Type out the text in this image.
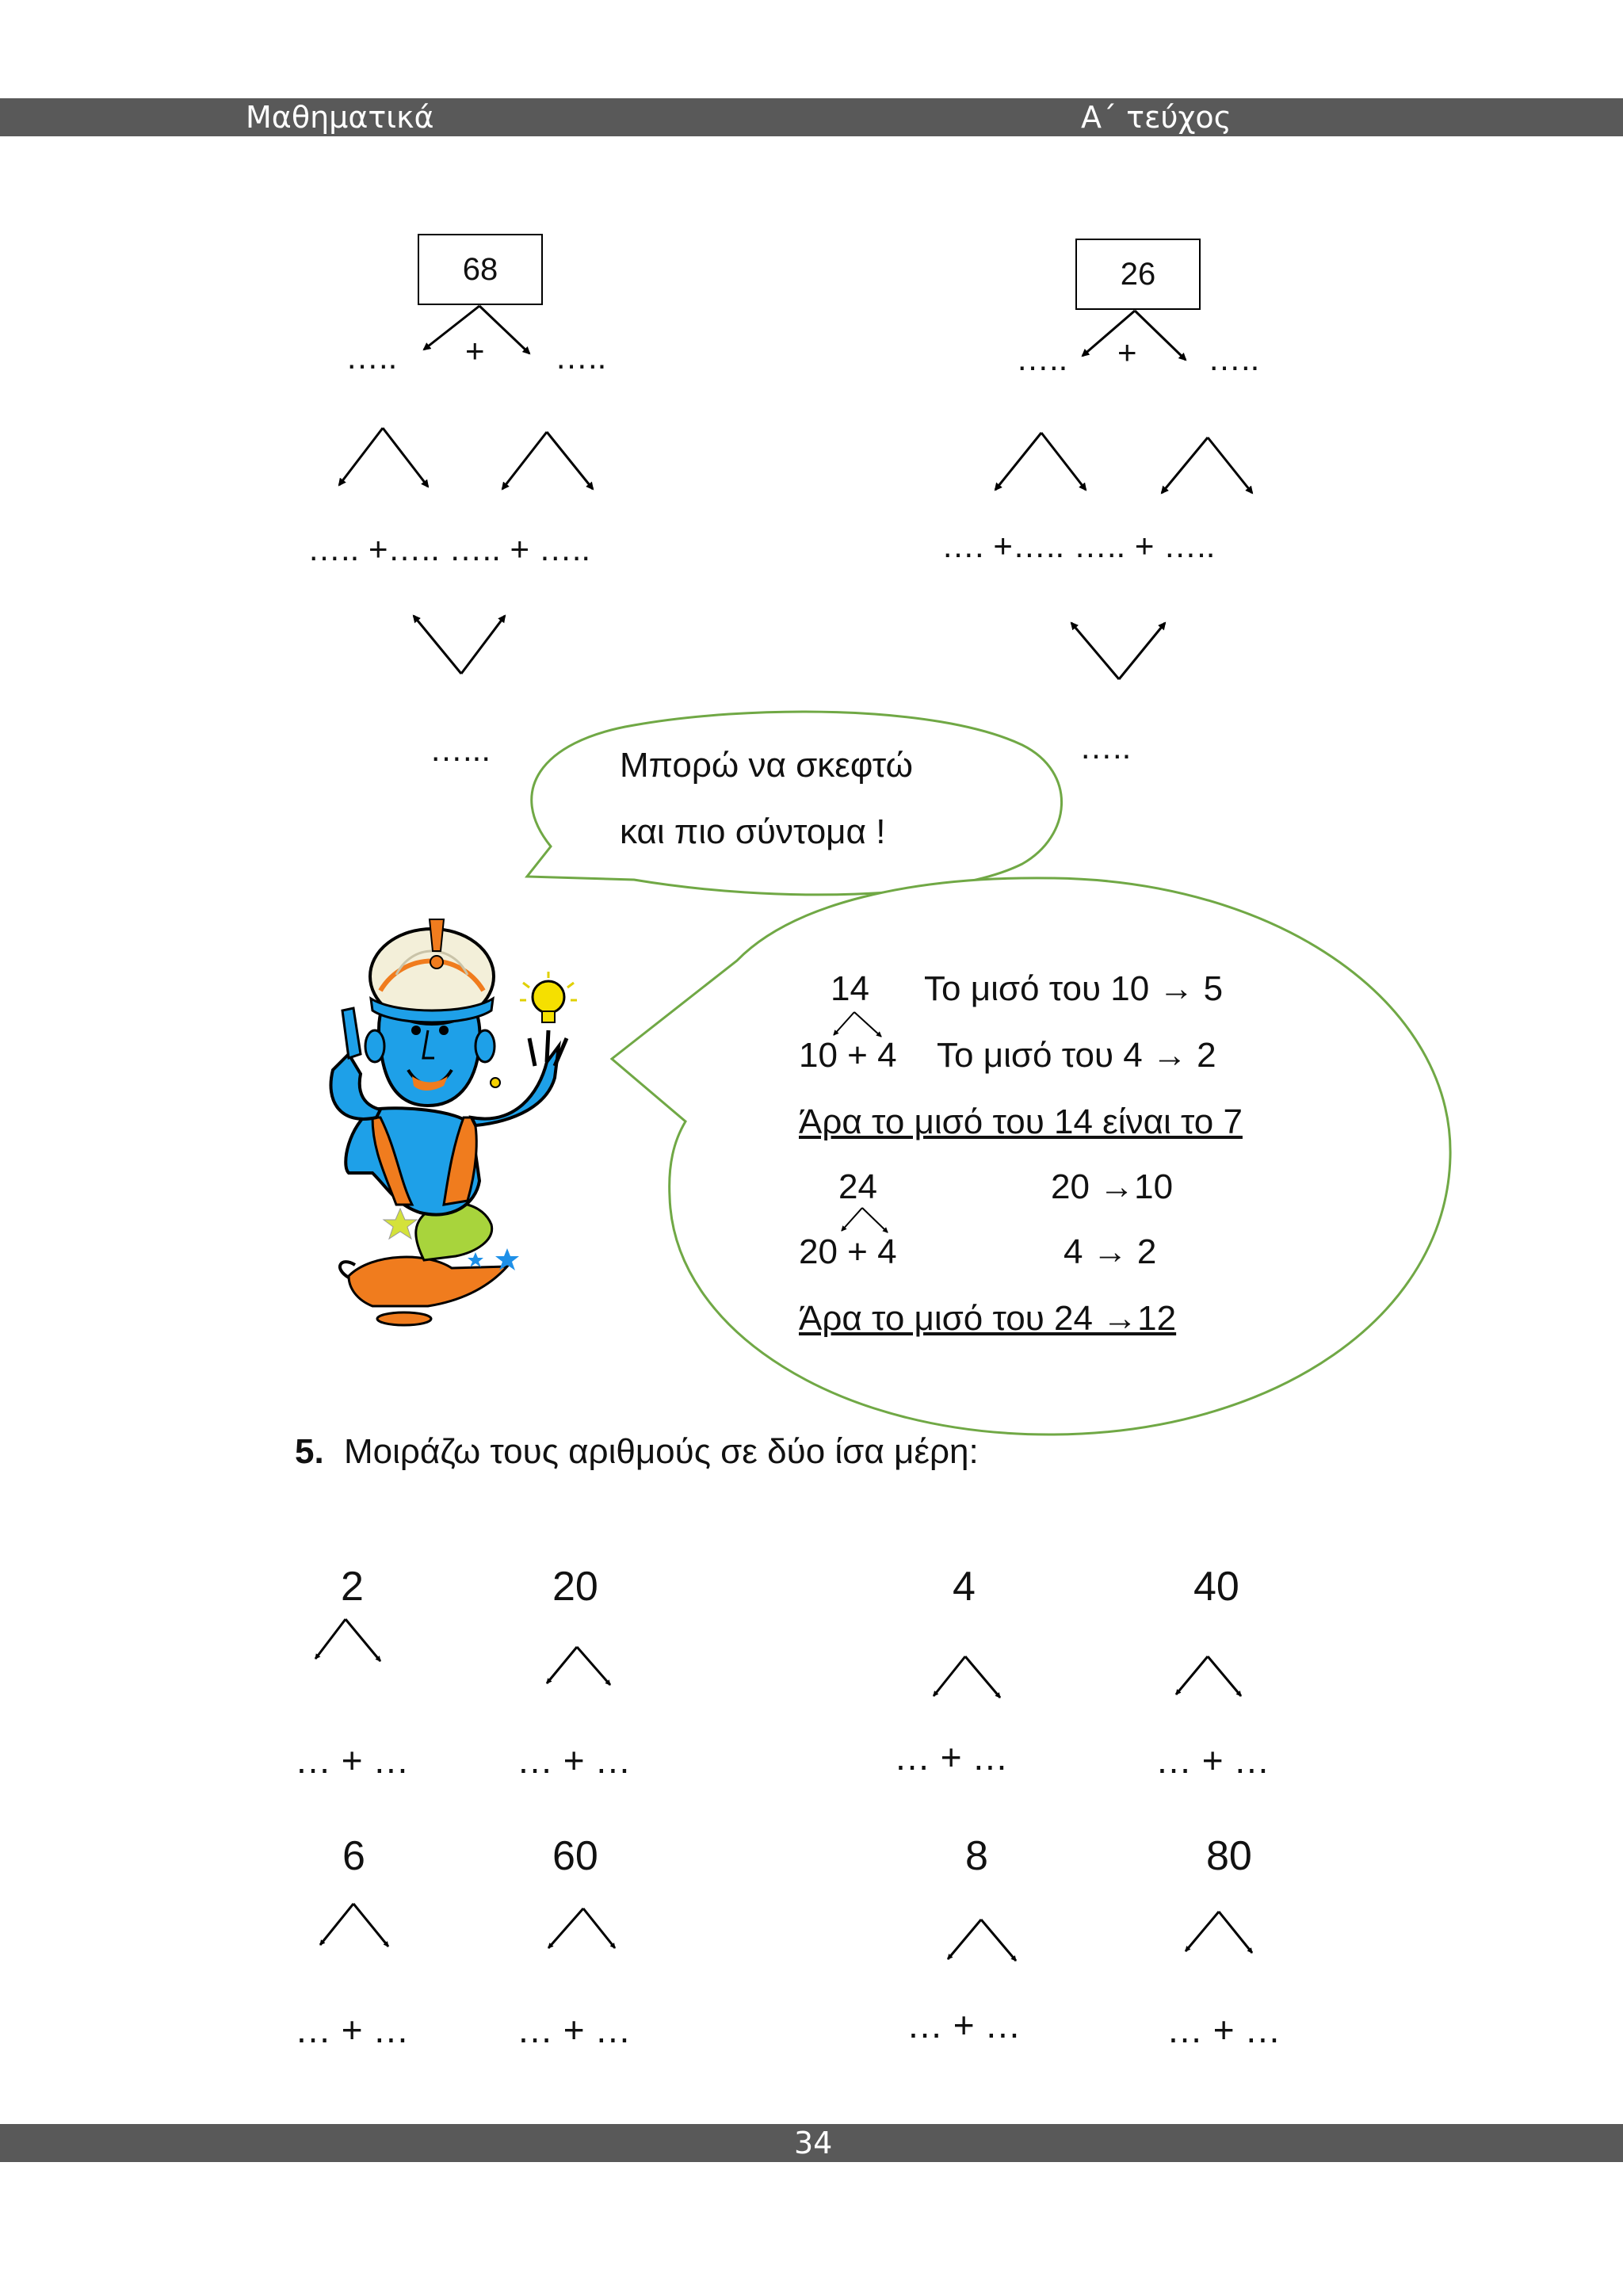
Μαθηματικά	Α΄ τεύχος
34
68
….. + …..
….. +….. ….. + …..
…...
26
….. + …..
…. +….. ….. + …..
…..
Μπορώ να σκεφτώ
και πιο σύντομα !
14 Το μισό του 10 → 5
10 + 4 Το μισό του 4 → 2
Άρα το μισό του 14 είναι το 7
24	20 →10
20 + 4	4 → 2
Άρα το μισό του 24 →12
5. Μοιράζω τους αριθμούς σε δύο ίσα μέρη:
2
… + …
20
… + …
4
… + …
40
… + …
6
… + …
60
… + …
8
… + …
80
… + …
